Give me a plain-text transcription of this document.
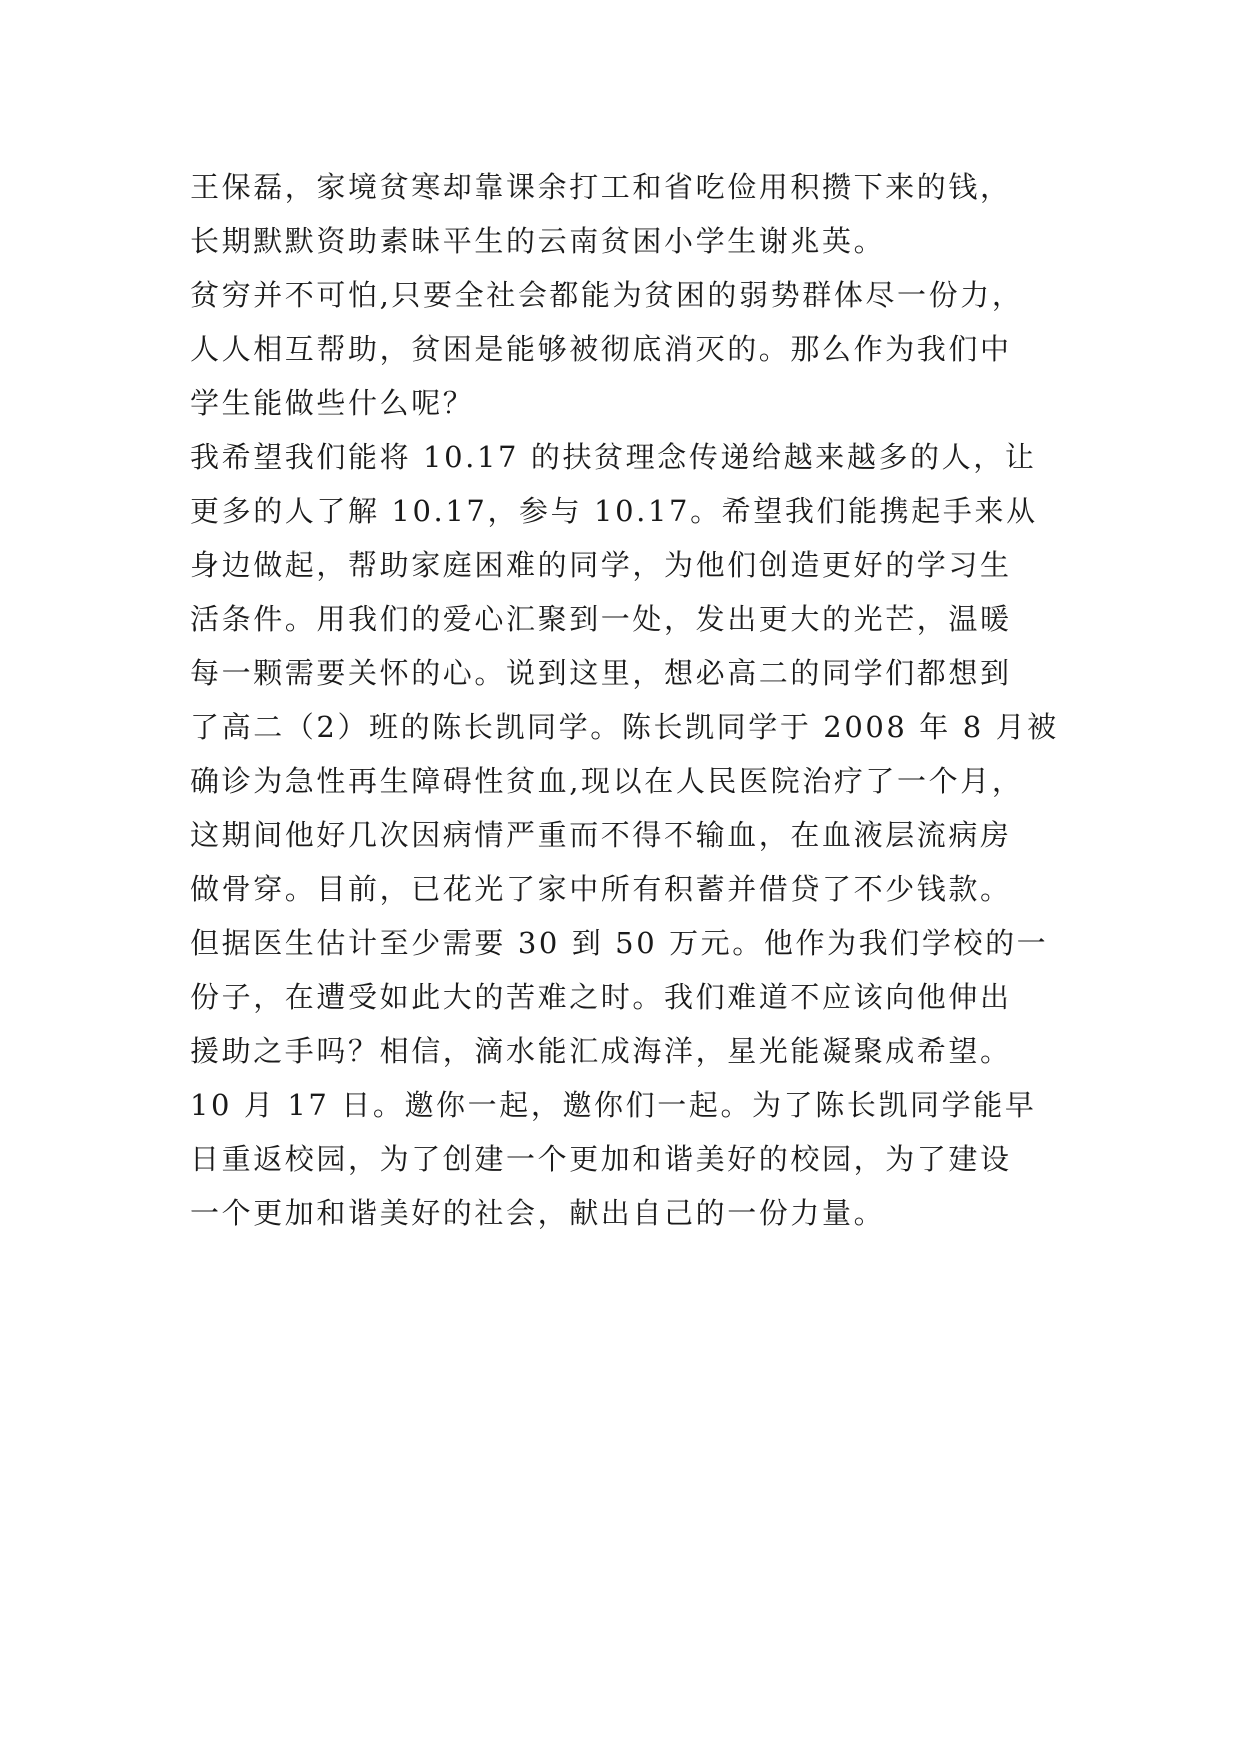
王保磊，家境贫寒却靠课余打工和省吃俭用积攒下来的钱，
长期默默资助素昧平生的云南贫困小学生谢兆英。
贫穷并不可怕,只要全社会都能为贫困的弱势群体尽一份力，
人人相互帮助，贫困是能够被彻底消灭的。那么作为我们中
学生能做些什么呢？
我希望我们能将 10.17 的扶贫理念传递给越来越多的人，让
更多的人了解 10.17，参与 10.17。希望我们能携起手来从
身边做起，帮助家庭困难的同学，为他们创造更好的学习生
活条件。用我们的爱心汇聚到一处，发出更大的光芒，温暖
每一颗需要关怀的心。说到这里，想必高二的同学们都想到
了高二（2）班的陈长凯同学。陈长凯同学于 2008 年 8 月被
确诊为急性再生障碍性贫血,现以在人民医院治疗了一个月，
这期间他好几次因病情严重而不得不输血，在血液层流病房
做骨穿。目前，已花光了家中所有积蓄并借贷了不少钱款。
但据医生估计至少需要 30 到 50 万元。他作为我们学校的一
份子，在遭受如此大的苦难之时。我们难道不应该向他伸出
援助之手吗？相信，滴水能汇成海洋，星光能凝聚成希望。
10 月 17 日。邀你一起，邀你们一起。为了陈长凯同学能早
日重返校园，为了创建一个更加和谐美好的校园，为了建设
一个更加和谐美好的社会，献出自己的一份力量。
